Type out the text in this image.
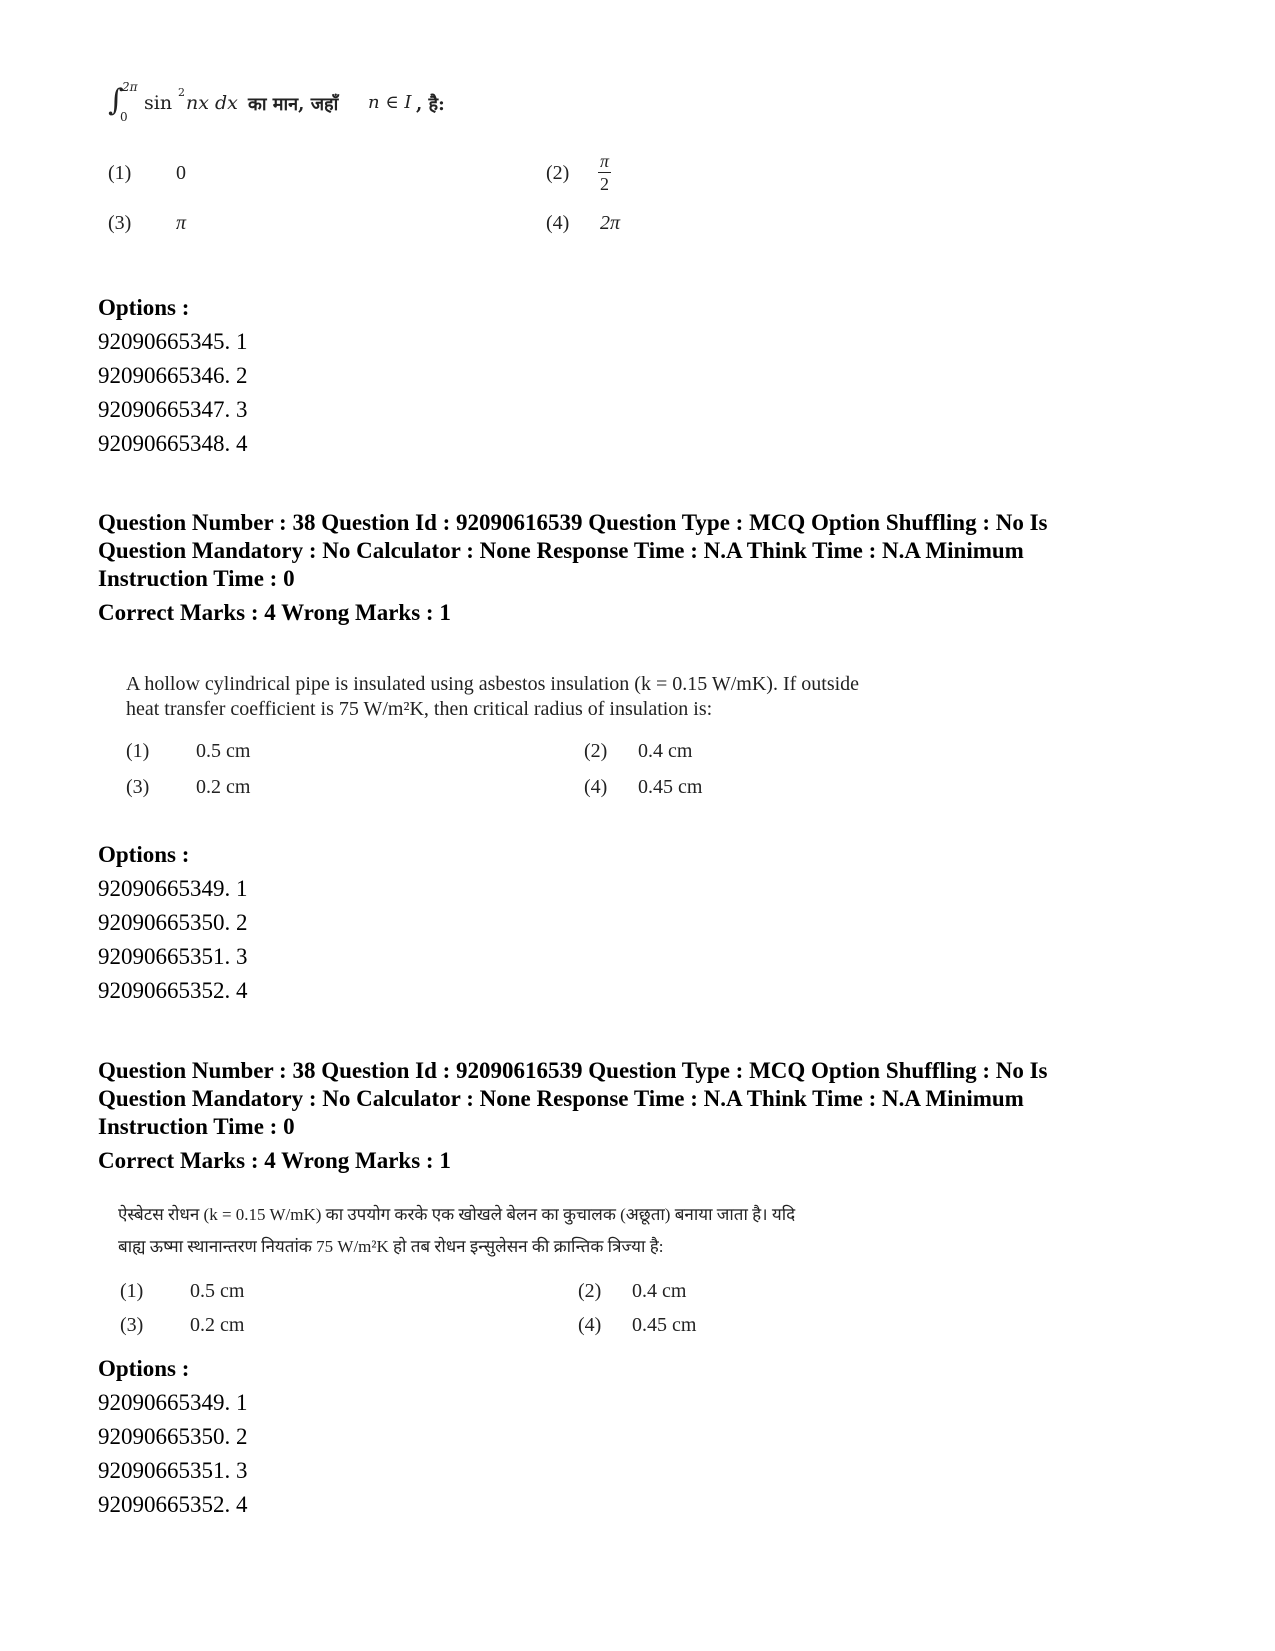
∫
2π
0
sin 2 nx dx का मान, जहाँ n ∈ I , है:
(1) 0	$(2) \frac{\pi}{2}$
(3) π	(4) 2π
Options :
92090665345. 1
92090665346. 2
92090665347. 3
92090665348. 4
Question Number : 38 Question Id : 92090616539 Question Type : MCQ Option Shuffling : No Is
Question Mandatory : No Calculator : None Response Time : N.A Think Time : N.A Minimum
Instruction Time : 0
Correct Marks : 4 Wrong Marks : 1
A hollow cylindrical pipe is insulated using asbestos insulation (k = 0.15 W/mK). If outside
heat transfer coefficient is 75 W/m²K, then critical radius of insulation is:
(1) 0.5 cm	(2) 0.4 cm
(3) 0.2 cm	(4) 0.45 cm
Options :
92090665349. 1
92090665350. 2
92090665351. 3
92090665352. 4
Question Number : 38 Question Id : 92090616539 Question Type : MCQ Option Shuffling : No Is
Question Mandatory : No Calculator : None Response Time : N.A Think Time : N.A Minimum
Instruction Time : 0
Correct Marks : 4 Wrong Marks : 1
ऐस्बेटस रोधन (k = 0.15 W/mK) का उपयोग करके एक खोखले बेलन का कुचालक (अछूता) बनाया जाता है। यदि
बाह्य ऊष्मा स्थानान्तरण नियतांक 75 W/m²K हो तब रोधन इन्सुलेसन की क्रान्तिक त्रिज्या है:
(1) 0.5 cm	(2) 0.4 cm
(3) 0.2 cm	(4) 0.45 cm
Options :
92090665349. 1
92090665350. 2
92090665351. 3
92090665352. 4
